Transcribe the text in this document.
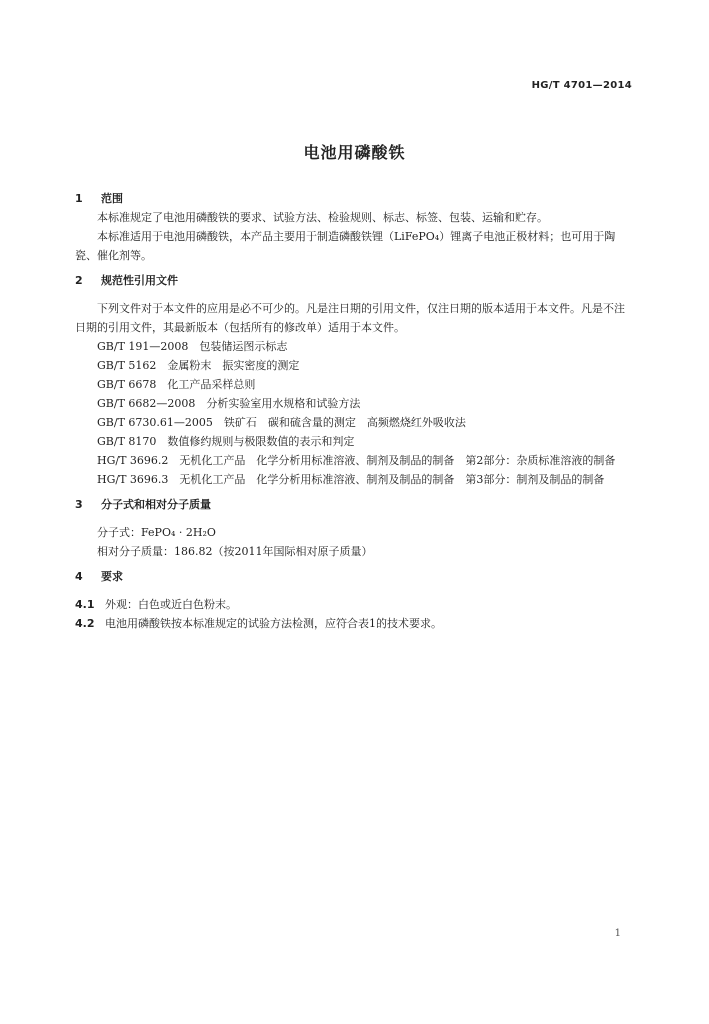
HG/T 4701—2014
电池用磷酸铁
1 范围

本标准规定了电池用磷酸铁的要求、试验方法、检验规则、标志、标签、包装、运输和贮存。

本标准适用于电池用磷酸铁，本产品主要用于制造磷酸铁锂（LiFePO₄）锂离子电池正极材料；也可用于陶瓷、催化剂等。

2 规范性引用文件

下列文件对于本文件的应用是必不可少的。凡是注日期的引用文件，仅注日期的版本适用于本文件。凡是不注日期的引用文件，其最新版本（包括所有的修改单）适用于本文件。

GB/T 191—2008　包装储运图示标志

GB/T 5162　金属粉末　振实密度的测定

GB/T 6678　化工产品采样总则

GB/T 6682—2008　分析实验室用水规格和试验方法

GB/T 6730.61—2005　铁矿石　碳和硫含量的测定　高频燃烧红外吸收法

GB/T 8170　数值修约规则与极限数值的表示和判定

HG/T 3696.2　无机化工产品　化学分析用标准溶液、制剂及制品的制备　第2部分：杂质标准溶液的制备

HG/T 3696.3　无机化工产品　化学分析用标准溶液、制剂及制品的制备　第3部分：制剂及制品的制备

3 分子式和相对分子质量

分子式：FePO₄ · 2H₂O

相对分子质量：186.82（按2011年国际相对原子质量）

4 要求

4.1 外观：白色或近白色粉末。

4.2 电池用磷酸铁按本标准规定的试验方法检测，应符合表1的技术要求。

1
